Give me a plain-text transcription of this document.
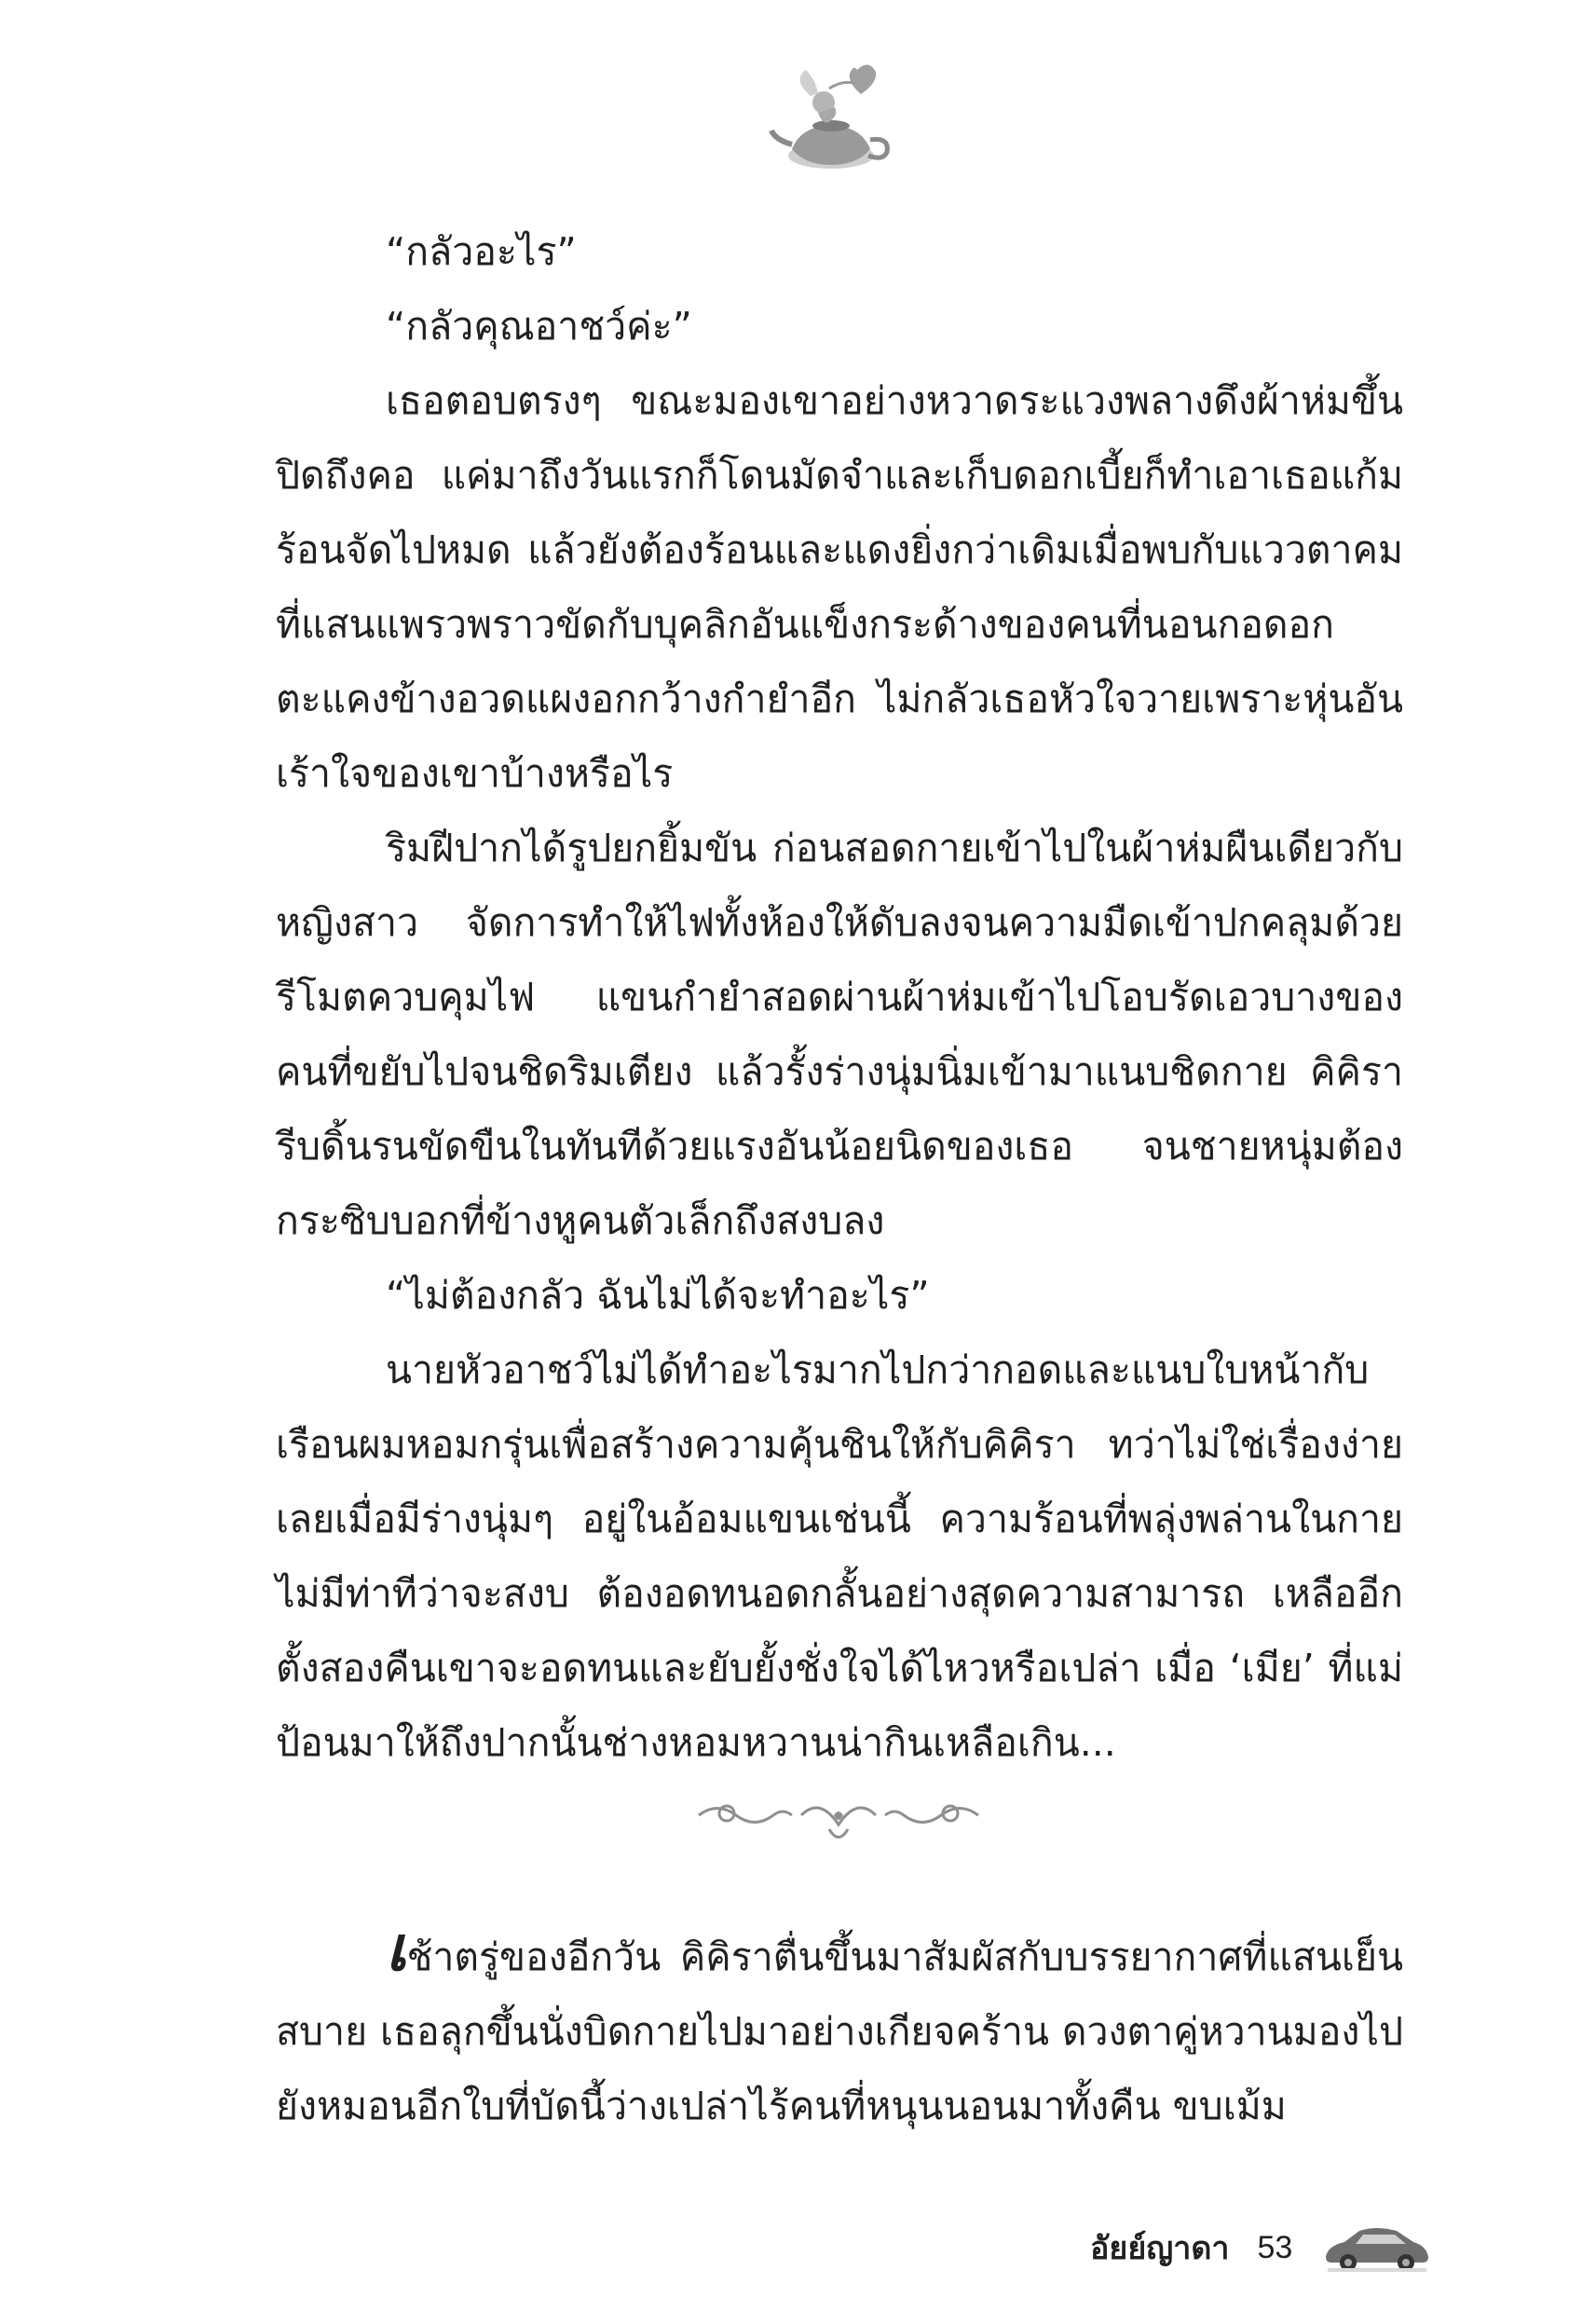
“กลัวอะไร”

“กลัวคุณอาชว์ค่ะ”

เธอตอบตรงๆ ขณะมองเขาอย่างหวาดระแวงพลางดึงผ้าห่มขึ้นปิดถึงคอ แค่มาถึงวันแรกก็โดนมัดจำและเก็บดอกเบี้ยก็ทำเอาเธอแก้มร้อนจัดไปหมด แล้วยังต้องร้อนและแดงยิ่งกว่าเดิมเมื่อพบกับแววตาคมที่แสนแพรวพราวขัดกับบุคลิกอันแข็งกระด้างของคนที่นอนกอดอกตะแคงข้างอวดแผงอกกว้างกำยำอีก ไม่กลัวเธอหัวใจวายเพราะหุ่นอันเร้าใจของเขาบ้างหรือไร

ริมฝีปากได้รูปยกยิ้มขัน ก่อนสอดกายเข้าไปในผ้าห่มผืนเดียวกับหญิงสาว จัดการทำให้ไฟทั้งห้องให้ดับลงจนความมืดเข้าปกคลุมด้วยรีโมตควบคุมไฟ แขนกำยำสอดผ่านผ้าห่มเข้าไปโอบรัดเอวบางของคนที่ขยับไปจนชิดริมเตียง แล้วรั้งร่างนุ่มนิ่มเข้ามาแนบชิดกาย คิคิรารีบดิ้นรนขัดขืนในทันทีด้วยแรงอันน้อยนิดของเธอ จนชายหนุ่มต้องกระซิบบอกที่ข้างหูคนตัวเล็กถึงสงบลง

“ไม่ต้องกลัว ฉันไม่ได้จะทำอะไร”

นายหัวอาชว์ไม่ได้ทำอะไรมากไปกว่ากอดและแนบใบหน้ากับเรือนผมหอมกรุ่นเพื่อสร้างความคุ้นชินให้กับคิคิรา ทว่าไม่ใช่เรื่องง่ายเลยเมื่อมีร่างนุ่มๆ อยู่ในอ้อมแขนเช่นนี้ ความร้อนที่พลุ่งพล่านในกายไม่มีท่าทีว่าจะสงบ ต้องอดทนอดกลั้นอย่างสุดความสามารถ เหลืออีกตั้งสองคืนเขาจะอดทนและยับยั้งชั่งใจได้ไหวหรือเปล่า เมื่อ ‘เมีย’ ที่แม่ป้อนมาให้ถึงปากนั้นช่างหอมหวานน่ากินเหลือเกิน...

เช้าตรู่ของอีกวัน คิคิราตื่นขึ้นมาสัมผัสกับบรรยากาศที่แสนเย็นสบาย เธอลุกขึ้นนั่งบิดกายไปมาอย่างเกียจคร้าน ดวงตาคู่หวานมองไปยังหมอนอีกใบที่บัดนี้ว่างเปล่าไร้คนที่หนุนนอนมาทั้งคืน ขบเม้ม

อัยย์ญาดา 53
